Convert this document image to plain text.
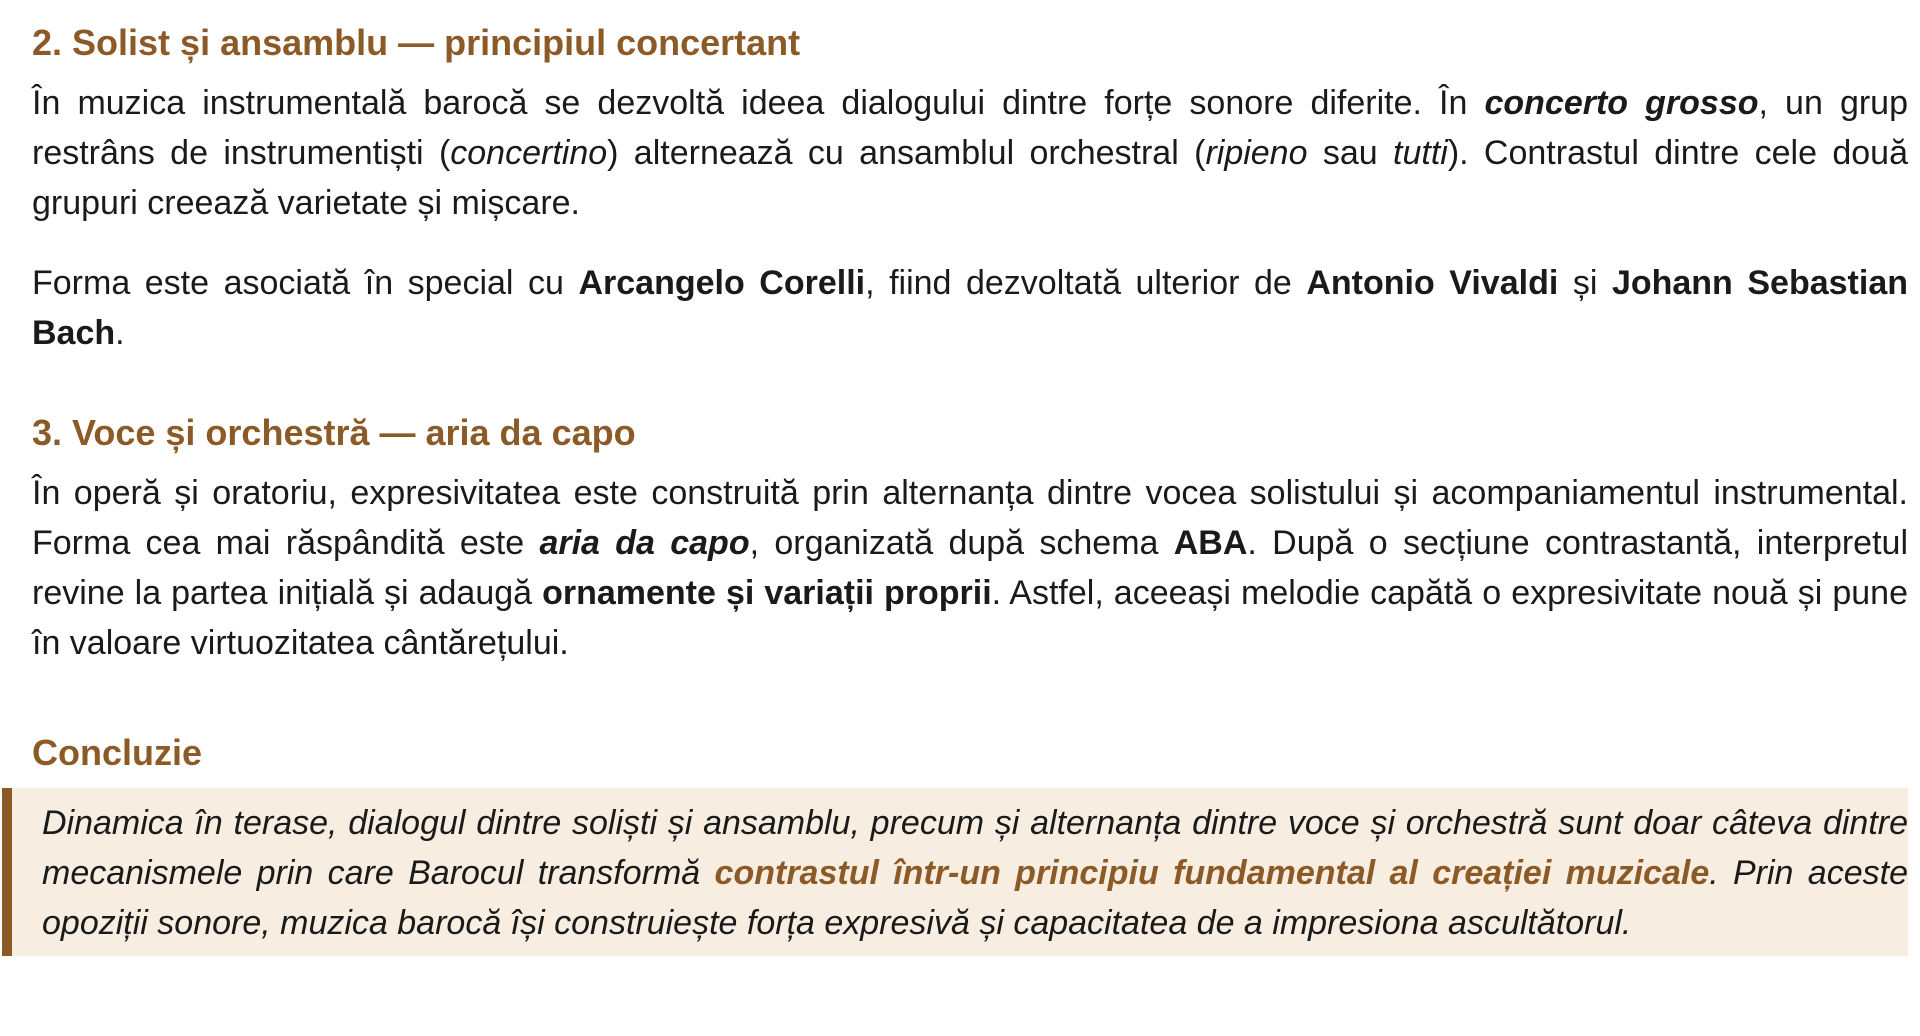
2. Solist și ansamblu — principiul concertant

În muzica instrumentală barocă se dezvoltă ideea dialogului dintre forțe sonore diferite. În concerto grosso, un grup restrâns de instrumentiști (concertino) alternează cu ansamblul orchestral (ripieno sau tutti). Contrastul dintre cele două grupuri creează varietate și mișcare.

Forma este asociată în special cu Arcangelo Corelli, fiind dezvoltată ulterior de Antonio Vivaldi și Johann Sebastian Bach.

3. Voce și orchestră — aria da capo

În operă și oratoriu, expresivitatea este construită prin alternanța dintre vocea solistului și acompaniamentul instrumental. Forma cea mai răspândită este aria da capo, organizată după schema ABA. După o secțiune contrastantă, interpretul revine la partea inițială și adaugă ornamente și variații proprii. Astfel, aceeași melodie capătă o expresivitate nouă și pune în valoare virtuozitatea cântărețului.

Concluzie

Dinamica în terase, dialogul dintre soliști și ansamblu, precum și alternanța dintre voce și orchestră sunt doar câteva dintre mecanismele prin care Barocul transformă contrastul într-un principiu fundamental al creației muzicale. Prin aceste opoziții sonore, muzica barocă își construiește forța expresivă și capacitatea de a impresiona ascultătorul.
